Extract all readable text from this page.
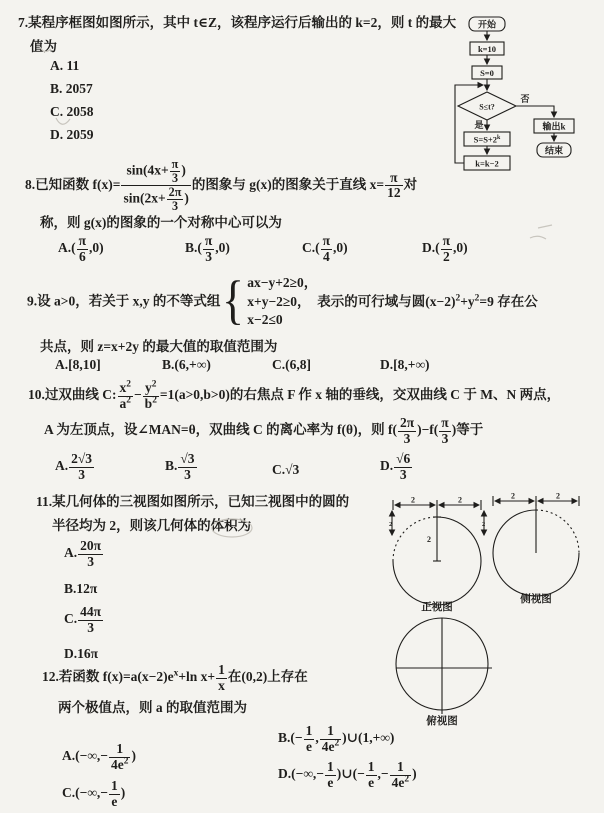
7.某程序框图如图所示，其中 t∈Z，该程序运行后输出的 k=2，则 t 的最大
值为
A. 11
B. 2057
C. 2058
D. 2059
开始
k=10
S=0
S≤t?
是
否
$S=S+2^k$
k=k−2
输出k
结束
8.已知函数 $f(x)= \frac{\sin(4x+ \frac{\pi}{3} )}{\sin(2x+ \frac{2\pi}{3} )}$ 的图象与 g(x)的图象关于直线 $x= \frac{\pi}{12}$ 对
称，则 g(x)的图象的一个对称中心可以为
$A.( \frac{\pi}{6} ,0)$	$B.( \frac{\pi}{3} ,0)$	$C.( \frac{\pi}{4} ,0)$	$D.( \frac{\pi}{2} ,0)$
9.设 a>0，若关于 x,y 的不等式组 { ax−y+2≥0，
x+y−2≥0，
x−2≤0
表示的可行域与圆$(x-2)^2+y^2=9$ 存在公
共点，则 z=x+2y 的最大值的取值范围为
A.[8,10]	B.(6,+∞)	C.(6,8]	D.[8,+∞)
10.过双曲线 C: $\frac{x^2}{a^2} - \frac{y^2}{b^2} =1(a>0,b>0)$的右焦点 F 作 x 轴的垂线，交双曲线 C 于 M、N 两点，
A 为左顶点，设∠MAN=θ，双曲线 C 的离心率为 f(θ)，则 $f( \frac{2\pi}{3} )-f( \frac{\pi}{3}$ )等于
A. $\frac{2√3}{3}$	B. $\frac{√3}{3}$	C.√3	D. $\frac{√6}{3}$
11.某几何体的三视图如图所示，已知三视图中的圆的
半径均为 2，则该几何体的体积为
A. $\frac{20\pi}{3}$
B.12π
C. $\frac{44\pi}{3}$
D.16π
2	2
2
2	2
正视图
2	2
侧视图
俯视图
12.若函数 $f(x)=a(x-2)e^x+\ln$ $x+ \frac{1}{x}$ 在(0,2)上存在
两个极值点，则 a 的取值范围为
$B.(- \frac{1}{e}$ , $\frac{1}{4e^2}$ )∪(1,+∞)
$A.(-\infty,- \frac{1}{4e^2}$ )
$D.(-\infty,- \frac{1}{e}$ )∪(− $\frac{1}{e}$ ,− $\frac{1}{4e^2}$ )
$C.(-\infty,- \frac{1}{e}$ )
